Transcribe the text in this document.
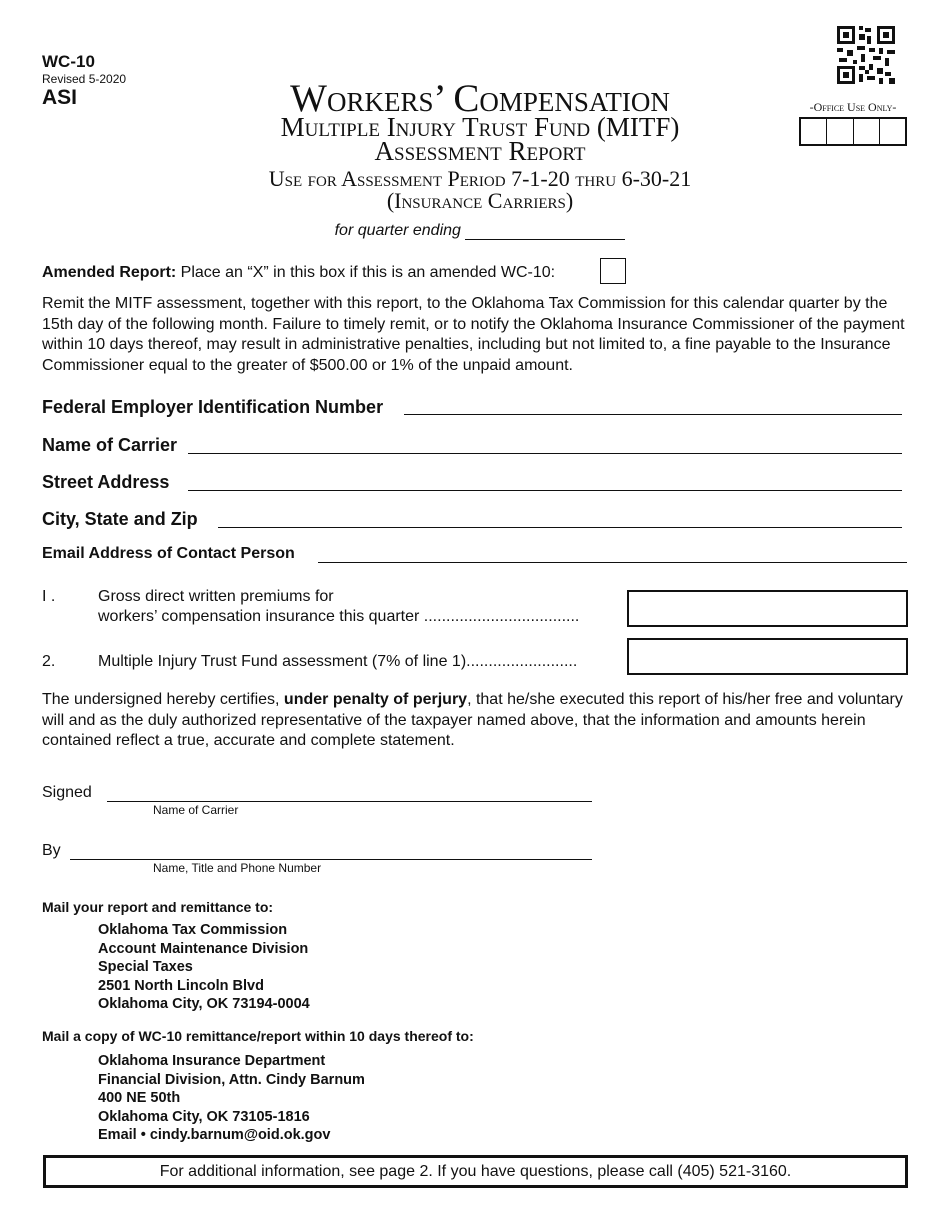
WC-10
Revised 5-2020
ASI	Workers’ Compensation
Multiple Injury Trust Fund (MITF)
Assessment Report
Use for Assessment Period 7-1-20 thru 6-30-21
(Insurance Carriers)
for quarter ending
-Office Use Only-
Amended Report: Place an “X” in this box if this is an amended WC-10:
Remit the MITF assessment, together with this report, to the Oklahoma Tax Commission for this calendar quarter by the 15th day of the following month. Failure to timely remit, or to notify the Oklahoma Insurance Commissioner of the payment within 10 days thereof, may result in administrative penalties, including but not limited to, a fine payable to the Insurance Commissioner equal to the greater of $500.00 or 1% of the unpaid amount.
Federal Employer Identification Number
Name of Carrier
Street Address
City, State and Zip
Email Address of Contact Person
I .	Gross direct written premiums for
workers’ compensation insurance this quarter ...................................
2.	Multiple Injury Trust Fund assessment (7% of line 1).........................
The undersigned hereby certifies, under penalty of perjury, that he/she executed this report of his/her free and voluntary will and as the duly authorized representative of the taxpayer named above, that the information and amounts herein contained reflect a true, accurate and complete statement.
Signed
Name of Carrier
By
Name, Title and Phone Number
Mail your report and remittance to:
Oklahoma Tax Commission
Account Maintenance Division
Special Taxes
2501 North Lincoln Blvd
Oklahoma City, OK 73194-0004
Mail a copy of WC-10 remittance/report within 10 days thereof to:
Oklahoma Insurance Department
Financial Division, Attn. Cindy Barnum
400 NE 50th
Oklahoma City, OK 73105-1816
Email • cindy.barnum@oid.ok.gov
For additional information, see page 2. If you have questions, please call (405) 521-3160.
